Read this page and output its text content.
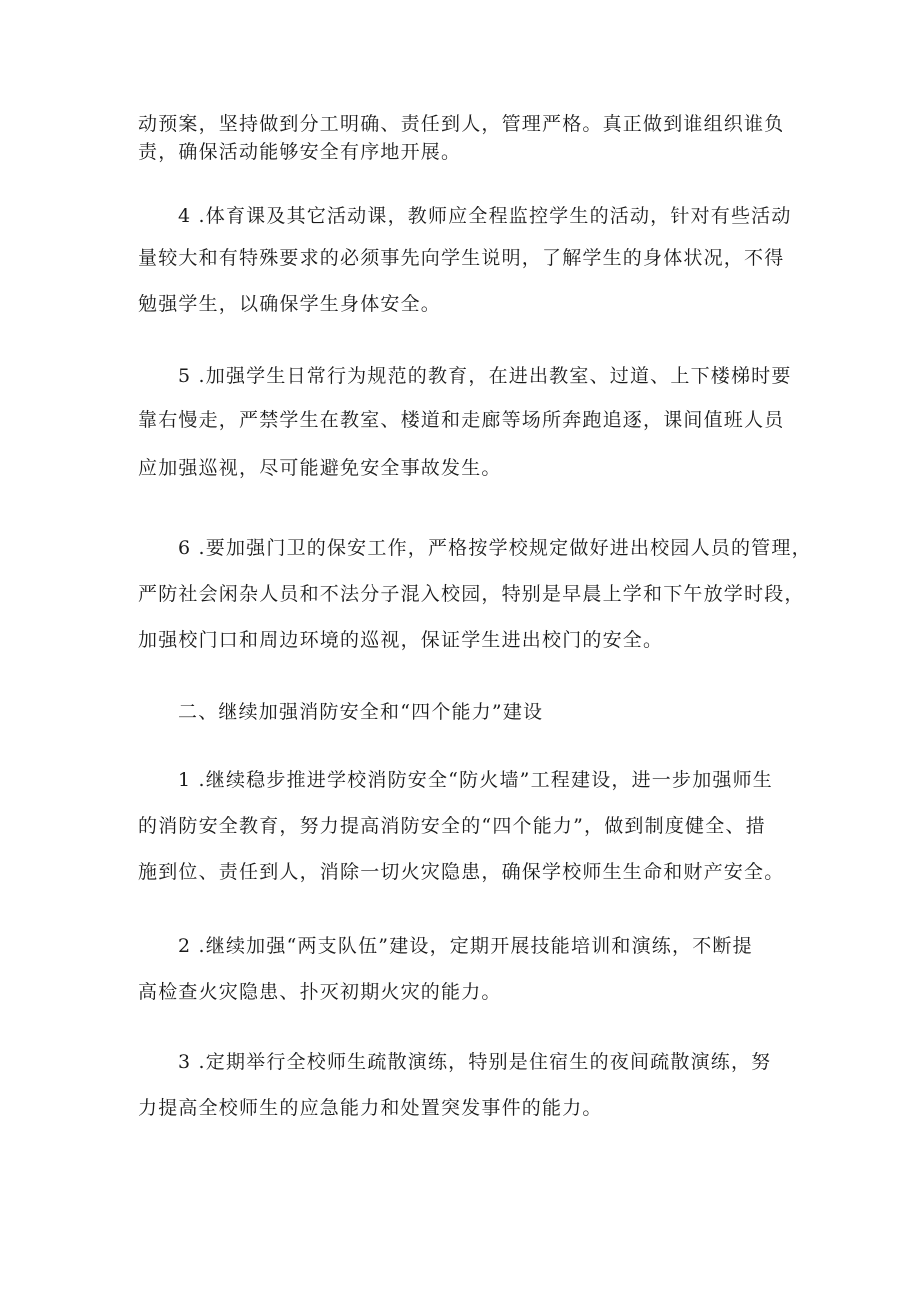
动预案，坚持做到分工明确、责任到人，管理严格。真正做到谁组织谁负
责，确保活动能够安全有序地开展。
4 .体育课及其它活动课，教师应全程监控学生的活动，针对有些活动
量较大和有特殊要求的必须事先向学生说明，了解学生的身体状况，不得
勉强学生，以确保学生身体安全。
5 .加强学生日常行为规范的教育，在进出教室、过道、上下楼梯时要
靠右慢走，严禁学生在教室、楼道和走廊等场所奔跑追逐，课间值班人员
应加强巡视，尽可能避免安全事故发生。
6 .要加强门卫的保安工作，严格按学校规定做好进出校园人员的管理，
严防社会闲杂人员和不法分子混入校园，特别是早晨上学和下午放学时段，
加强校门口和周边环境的巡视，保证学生进出校门的安全。
二、继续加强消防安全和“四个能力”建设
1 .继续稳步推进学校消防安全“防火墙”工程建设，进一步加强师生
的消防安全教育，努力提高消防安全的“四个能力”，做到制度健全、措
施到位、责任到人，消除一切火灾隐患，确保学校师生生命和财产安全。
2 .继续加强“两支队伍”建设，定期开展技能培训和演练，不断提
高检查火灾隐患、扑灭初期火灾的能力。
3 .定期举行全校师生疏散演练，特别是住宿生的夜间疏散演练，努
力提高全校师生的应急能力和处置突发事件的能力。
